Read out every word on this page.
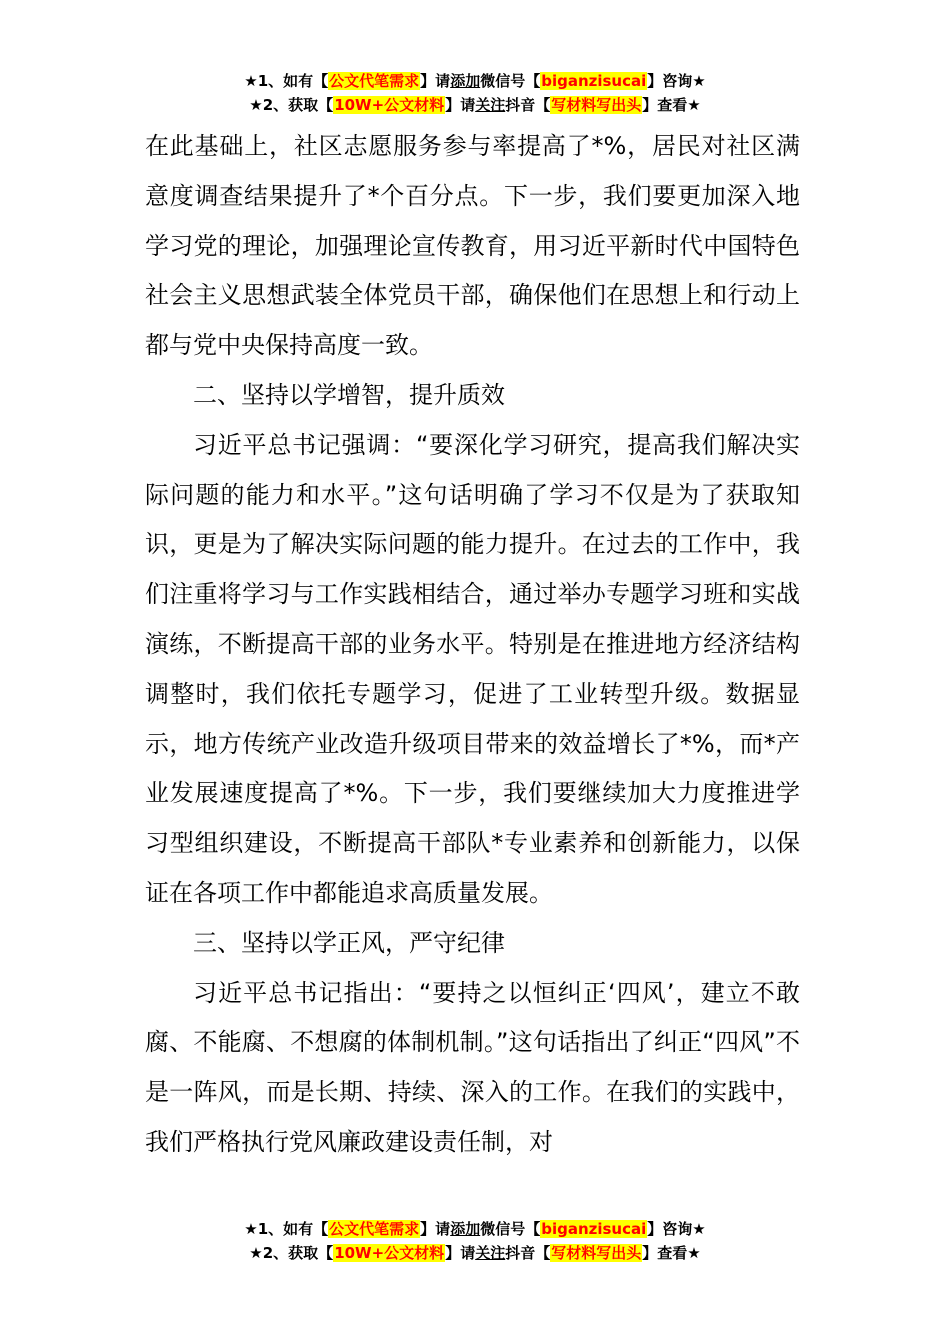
★1、如有【公文代笔需求】请添加微信号【biganzisucai】咨询★
★2、获取【10W+公文材料】请关注抖音【写材料写出头】查看★

在此基础上，社区志愿服务参与率提高了*%，居民对社区满意度调查结果提升了*个百分点。下一步，我们要更加深入地学习党的理论，加强理论宣传教育，用习近平新时代中国特色社会主义思想武装全体党员干部，确保他们在思想上和行动上都与党中央保持高度一致。

二、坚持以学增智，提升质效

习近平总书记强调：“要深化学习研究，提高我们解决实际问题的能力和水平。”这句话明确了学习不仅是为了获取知识，更是为了解决实际问题的能力提升。在过去的工作中，我们注重将学习与工作实践相结合，通过举办专题学习班和实战演练，不断提高干部的业务水平。特别是在推进地方经济结构调整时，我们依托专题学习，促进了工业转型升级。数据显示，地方传统产业改造升级项目带来的效益增长了*%，而*产业发展速度提高了*%。下一步，我们要继续加大力度推进学习型组织建设，不断提高干部队*专业素养和创新能力，以保证在各项工作中都能追求高质量发展。

三、坚持以学正风，严守纪律

习近平总书记指出：“要持之以恒纠正‘四风’，建立不敢腐、不能腐、不想腐的体制机制。”这句话指出了纠正“四风”不是一阵风，而是长期、持续、深入的工作。在我们的实践中，我们严格执行党风廉政建设责任制，对

★1、如有【公文代笔需求】请添加微信号【biganzisucai】咨询★
★2、获取【10W+公文材料】请关注抖音【写材料写出头】查看★
